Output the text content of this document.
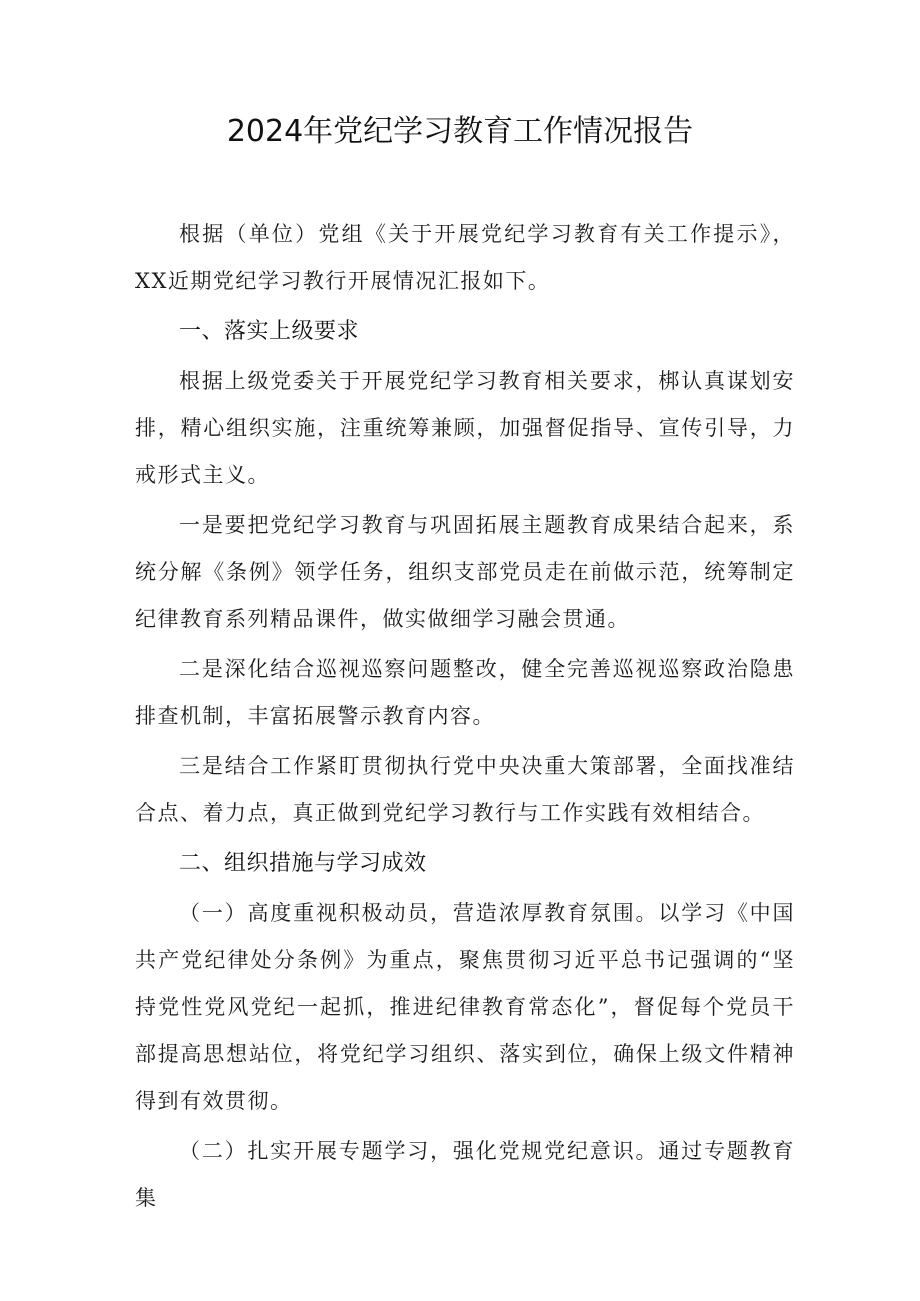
2024年党纪学习教育工作情况报告

根据（单位）党组《关于开展党纪学习教育有关工作提示》，XX近期党纪学习教行开展情况汇报如下。

一、落实上级要求

根据上级党委关于开展党纪学习教育相关要求，梆认真谋划安排，精心组织实施，注重统筹兼顾，加强督促指导、宣传引导，力戒形式主义。

一是要把党纪学习教育与巩固拓展主题教育成果结合起来，系统分解《条例》领学任务，组织支部党员走在前做示范，统筹制定纪律教育系列精品课件，做实做细学习融会贯通。

二是深化结合巡视巡察问题整改，健全完善巡视巡察政治隐患排查机制，丰富拓展警示教育内容。

三是结合工作紧盯贯彻执行党中央决重大策部署，全面找准结合点、着力点，真正做到党纪学习教行与工作实践有效相结合。

二、组织措施与学习成效

（一）高度重视积极动员，营造浓厚教育氛围。以学习《中国共产党纪律处分条例》为重点，聚焦贯彻习近平总书记强调的“坚持党性党风党纪一起抓，推进纪律教育常态化”，督促每个党员干部提高思想站位，将党纪学习组织、落实到位，确保上级文件精神得到有效贯彻。

（二）扎实开展专题学习，强化党规党纪意识。通过专题教育集
